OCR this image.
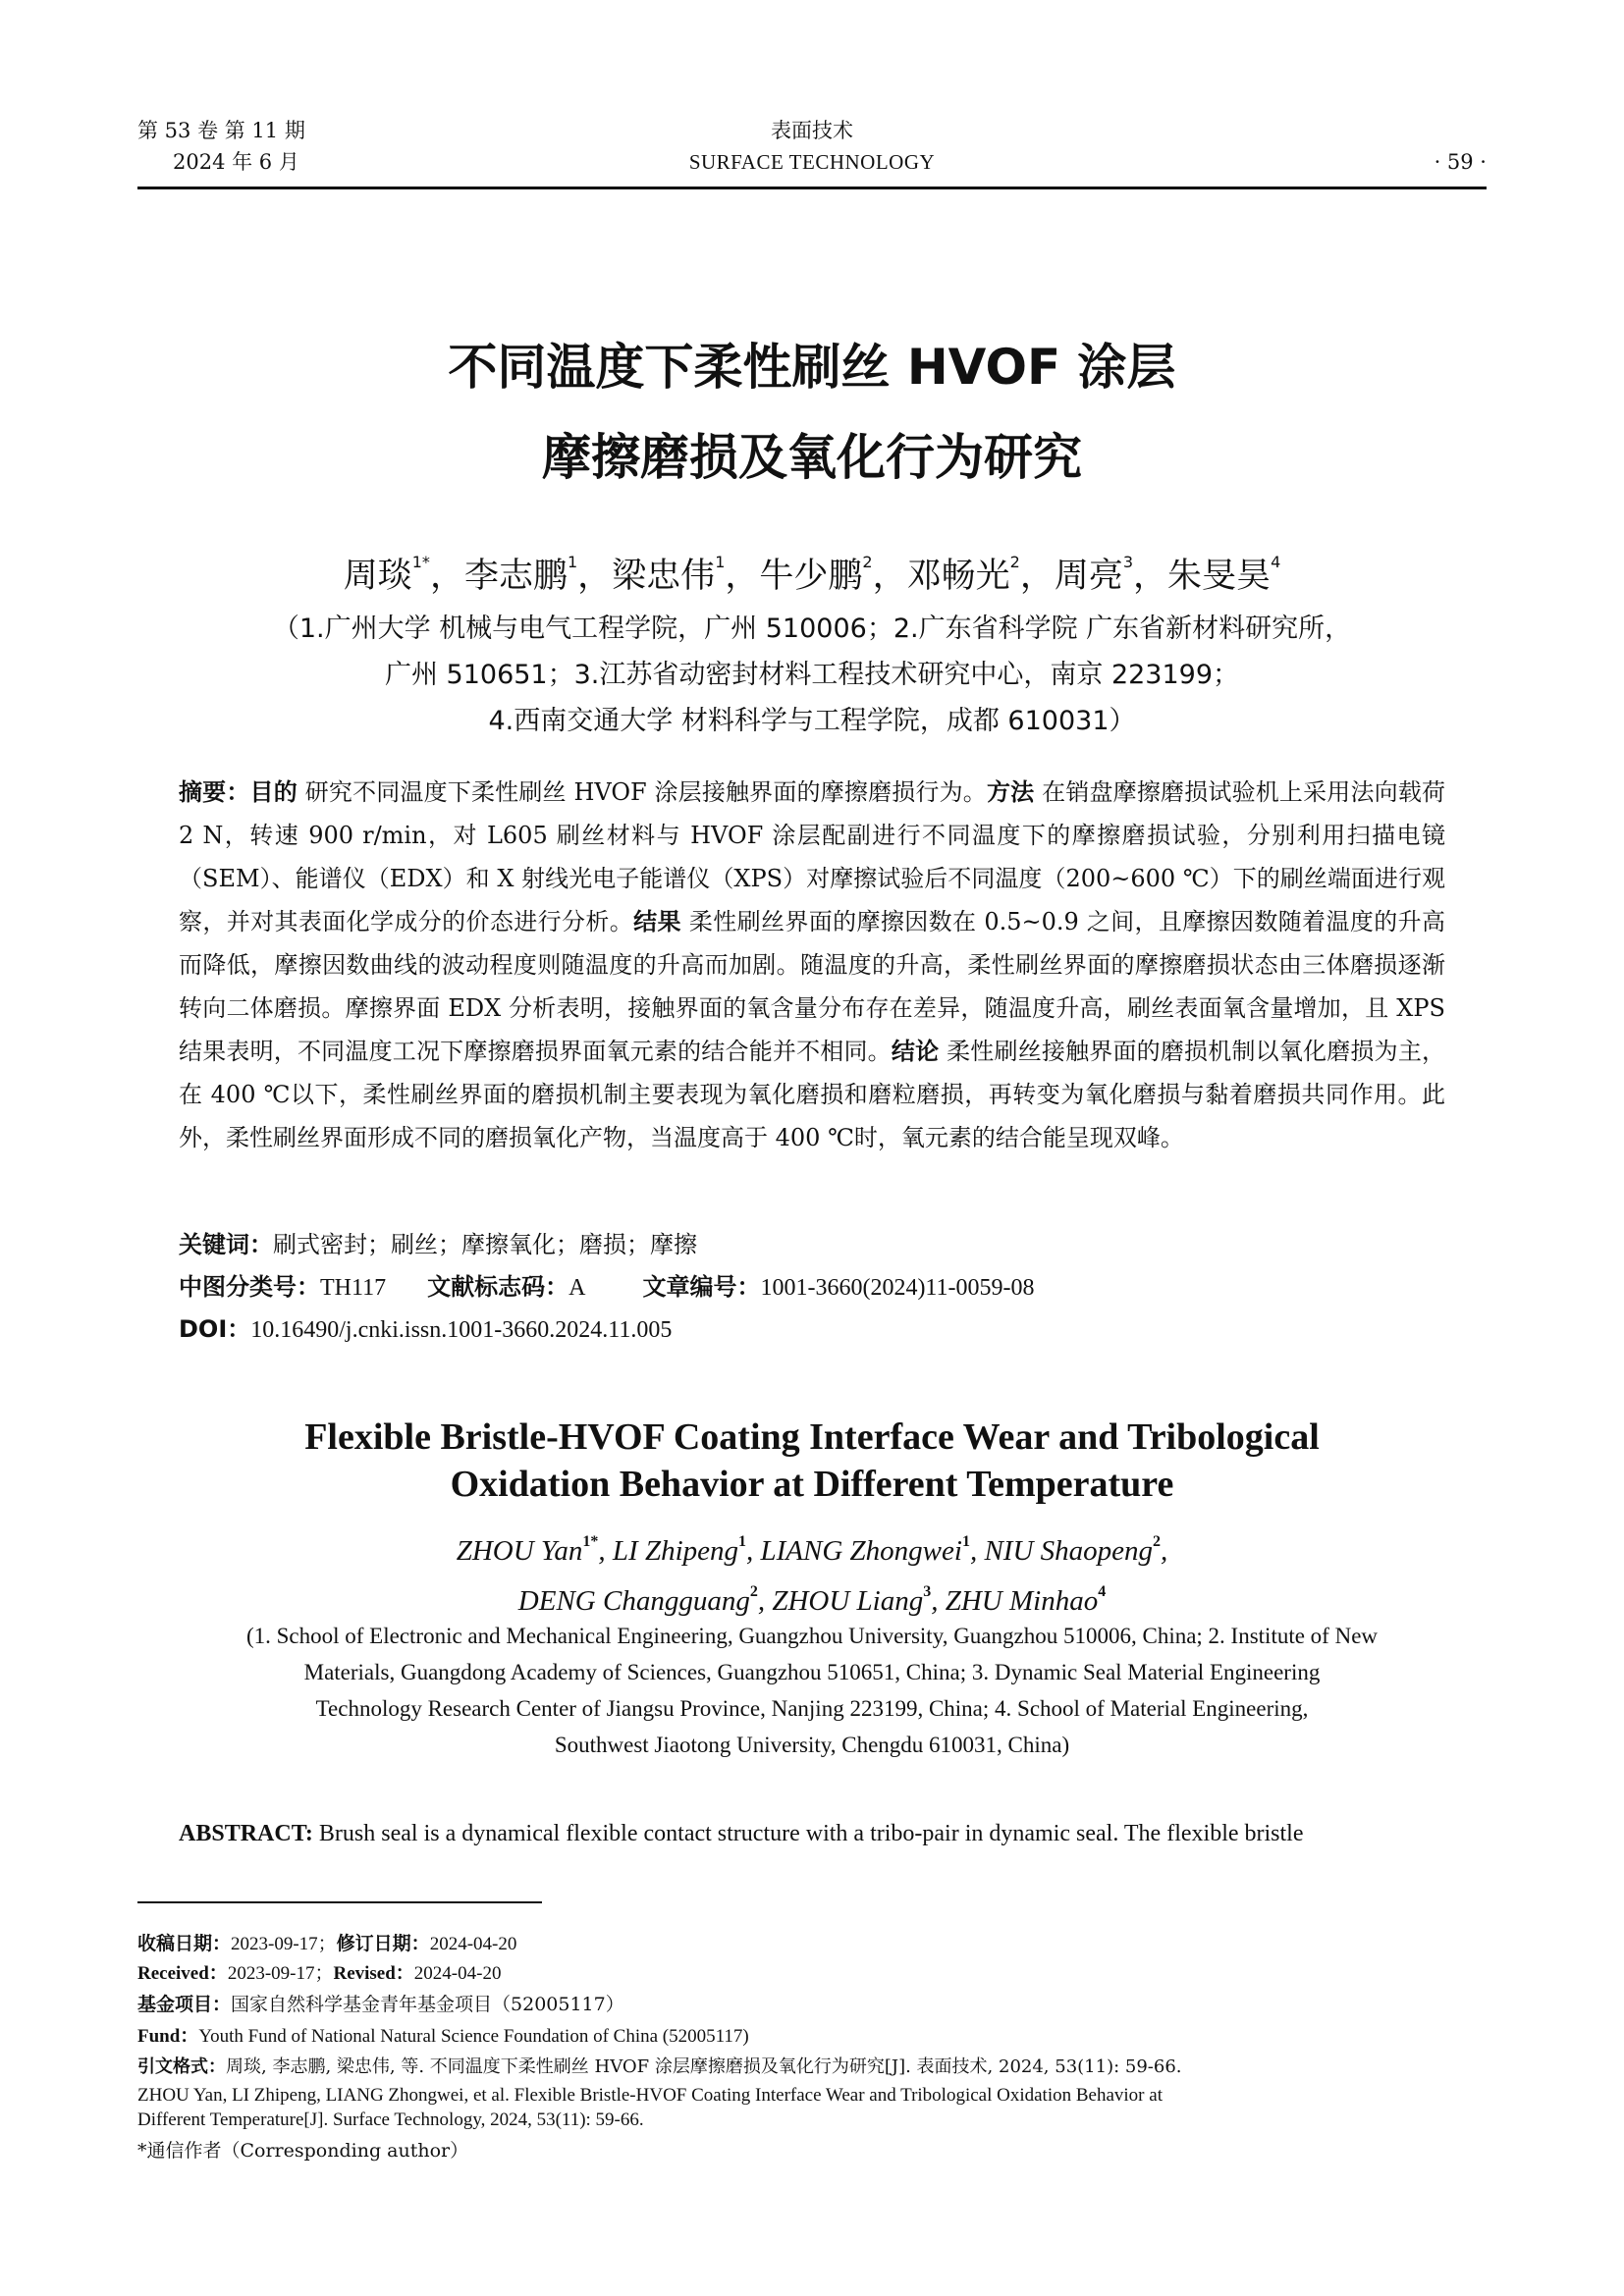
第 53 卷 第 11 期
2024 年 6 月
表面技术
SURFACE TECHNOLOGY	· 59 ·
不同温度下柔性刷丝 HVOF 涂层
摩擦磨损及氧化行为研究
周琰$^{1*}$，李志鹏$^1$，梁忠伟$^1$，牛少鹏$^2$，邓畅光$^2$，周亮$^3$，朱旻昊$^4$
（1.广州大学 机械与电气工程学院，广州 510006；2.广东省科学院 广东省新材料研究所，
广州 510651；3.江苏省动密封材料工程技术研究中心，南京 223199；
4.西南交通大学 材料科学与工程学院，成都 610031）
摘要：目的 研究不同温度下柔性刷丝 HVOF 涂层接触界面的摩擦磨损行为。方法 在销盘摩擦磨损试验机上采用法向载荷 2 N，转速 900 r/min，对 L605 刷丝材料与 HVOF 涂层配副进行不同温度下的摩擦磨损试验，分别利用扫描电镜（SEM）、能谱仪（EDX）和 X 射线光电子能谱仪（XPS）对摩擦试验后不同温度（200~600 ℃）下的刷丝端面进行观察，并对其表面化学成分的价态进行分析。结果 柔性刷丝界面的摩擦因数在 0.5~0.9 之间，且摩擦因数随着温度的升高而降低，摩擦因数曲线的波动程度则随温度的升高而加剧。随温度的升高，柔性刷丝界面的摩擦磨损状态由三体磨损逐渐转向二体磨损。摩擦界面 EDX 分析表明，接触界面的氧含量分布存在差异，随温度升高，刷丝表面氧含量增加，且 XPS 结果表明，不同温度工况下摩擦磨损界面氧元素的结合能并不相同。结论 柔性刷丝接触界面的磨损机制以氧化磨损为主，在 400 ℃以下，柔性刷丝界面的磨损机制主要表现为氧化磨损和磨粒磨损，再转变为氧化磨损与黏着磨损共同作用。此外，柔性刷丝界面形成不同的磨损氧化产物，当温度高于 400 ℃时，氧元素的结合能呈现双峰。
关键词：刷式密封；刷丝；摩擦氧化；磨损；摩擦
中图分类号：TH117 文献标志码：A 文章编号：1001-3660(2024)11-0059-08
DOI：10.16490/j.cnki.issn.1001-3660.2024.11.005
Flexible Bristle-HVOF Coating Interface Wear and Tribological
Oxidation Behavior at Different Temperature
ZHOU Yan$^{1*}$, LI Zhipeng$^1$, LIANG Zhongwei$^1$, NIU Shaopeng$^2$,
DENG Changguang$^2$, ZHOU Liang$^3$, ZHU Minhao$^4$
(1. School of Electronic and Mechanical Engineering, Guangzhou University, Guangzhou 510006, China; 2. Institute of New
Materials, Guangdong Academy of Sciences, Guangzhou 510651, China; 3. Dynamic Seal Material Engineering
Technology Research Center of Jiangsu Province, Nanjing 223199, China; 4. School of Material Engineering,
Southwest Jiaotong University, Chengdu 610031, China)
ABSTRACT: Brush seal is a dynamical flexible contact structure with a tribo-pair in dynamic seal. The flexible bristle
收稿日期：2023-09-17；修订日期：2024-04-20
Received：2023-09-17；Revised：2024-04-20
基金项目：国家自然科学基金青年基金项目（52005117）
Fund：Youth Fund of National Natural Science Foundation of China (52005117)
引文格式：周琰, 李志鹏, 梁忠伟, 等. 不同温度下柔性刷丝 HVOF 涂层摩擦磨损及氧化行为研究[J]. 表面技术, 2024, 53(11): 59-66.
ZHOU Yan, LI Zhipeng, LIANG Zhongwei, et al. Flexible Bristle-HVOF Coating Interface Wear and Tribological Oxidation Behavior at
Different Temperature[J]. Surface Technology, 2024, 53(11): 59-66.
*通信作者（Corresponding author）
